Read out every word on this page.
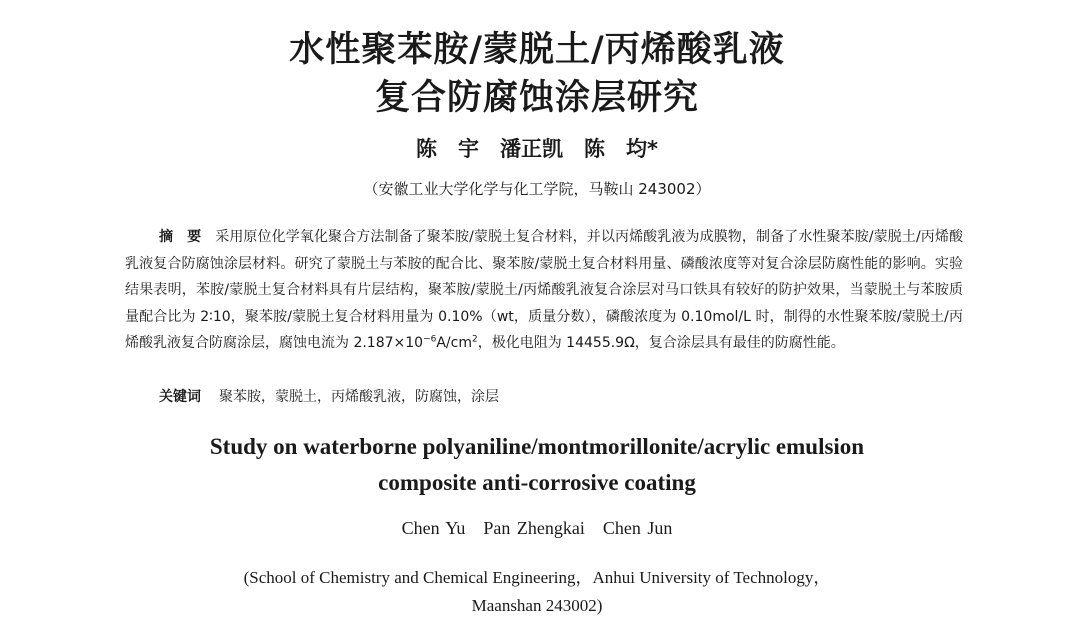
水性聚苯胺/蒙脱土/丙烯酸乳液
复合防腐蚀涂层研究
陈　宇　潘正凯　陈　均*
（安徽工业大学化学与化工学院，马鞍山 243002）
摘要采用原位化学氧化聚合方法制备了聚苯胺/蒙脱土复合材料，并以丙烯酸乳液为成膜物，制备了水性聚苯胺/蒙脱土/丙烯酸乳液复合防腐蚀涂层材料。研究了蒙脱土与苯胺的配合比、聚苯胺/蒙脱土复合材料用量、磷酸浓度等对复合涂层防腐性能的影响。实验结果表明，苯胺/蒙脱土复合材料具有片层结构，聚苯胺/蒙脱土/丙烯酸乳液复合涂层对马口铁具有较好的防护效果，当蒙脱土与苯胺质量配合比为 2∶10，聚苯胺/蒙脱土复合材料用量为 0.10%（wt，质量分数），磷酸浓度为 0.10mol/L 时，制得的水性聚苯胺/蒙脱土/丙烯酸乳液复合防腐涂层，腐蚀电流为 $2.187\times 10^{-6}A/cm^2$，极化电阻为 14455.9Ω，复合涂层具有最佳的防腐性能。
关键词 聚苯胺，蒙脱土，丙烯酸乳液，防腐蚀，涂层
Study on waterborne polyaniline/montmorillonite/acrylic emulsion
composite anti-corrosive coating
Chen Yu Pan Zhengkai Chen Jun
(School of Chemistry and Chemical Engineering，Anhui University of Technology，
Maanshan 243002)
